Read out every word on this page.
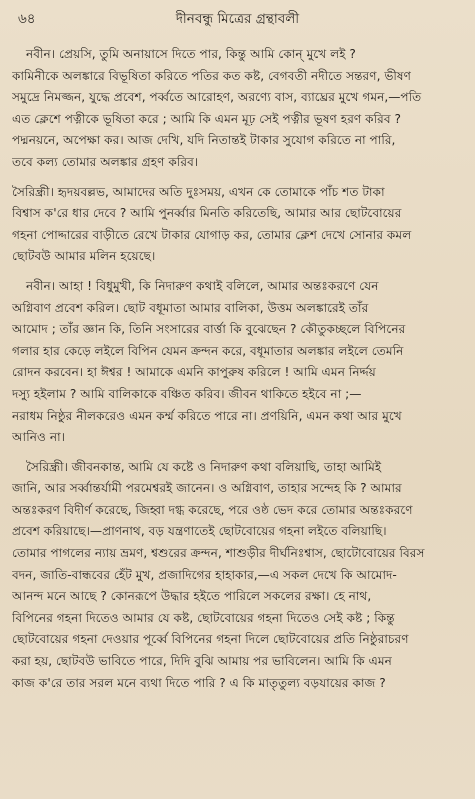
৬৪	দীনবন্ধু মিত্রের গ্রন্থাবলী

নবীন। প্রেয়সি, তুমি অনায়াসে দিতে পার, কিন্তু আমি কোন্‌ মুখে লই ?
কামিনীকে অলঙ্কারে বিভূষিতা করিতে পতির কত কষ্ট, বেগবতী নদীতে সন্তরণ, ভীষণ
সমুদ্রে নিমজ্জন, যুদ্ধে প্রবেশ, পর্ব্বতে আরোহণ, অরণ্যে বাস, ব্যাঘ্রের মুখে গমন,—পতি
এত ক্লেশে পত্নীকে ভূষিতা করে ; আমি কি এমন মূঢ় সেই পত্নীর ভূষণ হরণ করিব ?
পদ্মনয়নে, অপেক্ষা কর। আজ দেখি, যদি নিতান্তই টাকার সুযোগ করিতে না পারি,
তবে কল্য তোমার অলঙ্কার গ্রহণ করিব।

সৈরিন্ধ্রী। হৃদয়বল্লভ, আমাদের অতি দুঃসময়, এখন কে তোমাকে পাঁচ শত টাকা
বিশ্বাস ক'রে ধার দেবে ? আমি পুনর্ব্বার মিনতি করিতেছি, আমার আর ছোটবোয়ের
গহনা পোদ্দারের বাড়ীতে রেখে টাকার যোগাড় কর, তোমার ক্লেশ দেখে সোনার কমল
ছোটবউ আমার মলিন হয়েছে।

নবীন। আহা ! বিধুমুখী, কি নিদারুণ কথাই বলিলে, আমার অন্তঃকরণে যেন
অগ্নিবাণ প্রবেশ করিল। ছোট বধূমাতা আমার বালিকা, উত্তম অলঙ্কারেই তাঁর
আমোদ ; তাঁর জ্ঞান কি, তিনি সংসারের বার্ত্তা কি বুঝেছেন ? কৌতুকচ্ছলে বিপিনের
গলার হার কেড়ে লইলে বিপিন যেমন ক্রন্দন করে, বধূমাতার অলঙ্কার লইলে তেমনি
রোদন করবেন। হা ঈশ্বর ! আমাকে এমনি কাপুরুষ করিলে ! আমি এমন নির্দ্দয়
দস্যু হইলাম ? আমি বালিকাকে বঞ্চিত করিব। জীবন থাকিতে হইবে না ;—
নরাধম নিষ্ঠুর নীলকরেও এমন কর্ম্ম করিতে পারে না। প্রণয়িনি, এমন কথা আর মুখে
আনিও না।

সৈরিন্ধ্রী। জীবনকান্ত, আমি যে কষ্টে ও নিদারুণ কথা বলিয়াছি, তাহা আমিই
জানি, আর সর্ব্বান্তর্যামী পরমেশ্বরই জানেন। ও অগ্নিবাণ, তাহার সন্দেহ কি ? আমার
অন্তঃকরণ বিদীর্ণ করেছে, জিহ্বা দগ্ধ করেছে, পরে ওষ্ঠ ভেদ করে তোমার অন্তঃকরণে
প্রবেশ করিয়াছে।—প্রাণনাথ, বড় যন্ত্রণাতেই ছোটবোয়ের গহনা লইতে বলিয়াছি।
তোমার পাগলের ন্যায় ভ্রমণ, শ্বশুরের ক্রন্দন, শাশুড়ীর দীর্ঘনিঃশ্বাস, ছোটোবোয়ের বিরস
বদন, জাতি-বান্ধবের হেঁট মুখ, প্রজাদিগের হাহাকার,—এ সকল দেখে কি আমোদ-
আনন্দ মনে আছে ? কোনরূপে উদ্ধার হইতে পারিলে সকলের রক্ষা। হে নাথ,
বিপিনের গহনা দিতেও আমার যে কষ্ট, ছোটবোয়ের গহনা দিতেও সেই কষ্ট ; কিন্তু
ছোটবোয়ের গহনা দেওয়ার পূর্ব্বে বিপিনের গহনা দিলে ছোটবোয়ের প্রতি নিষ্ঠুরাচরণ
করা হয়, ছোটবউ ভাবিতে পারে, দিদি বুঝি আমায় পর ভাবিলেন। আমি কি এমন
কাজ ক'রে তার সরল মনে ব্যথা দিতে পারি ? এ কি মাতৃতুল্য বড়যায়ের কাজ ?
